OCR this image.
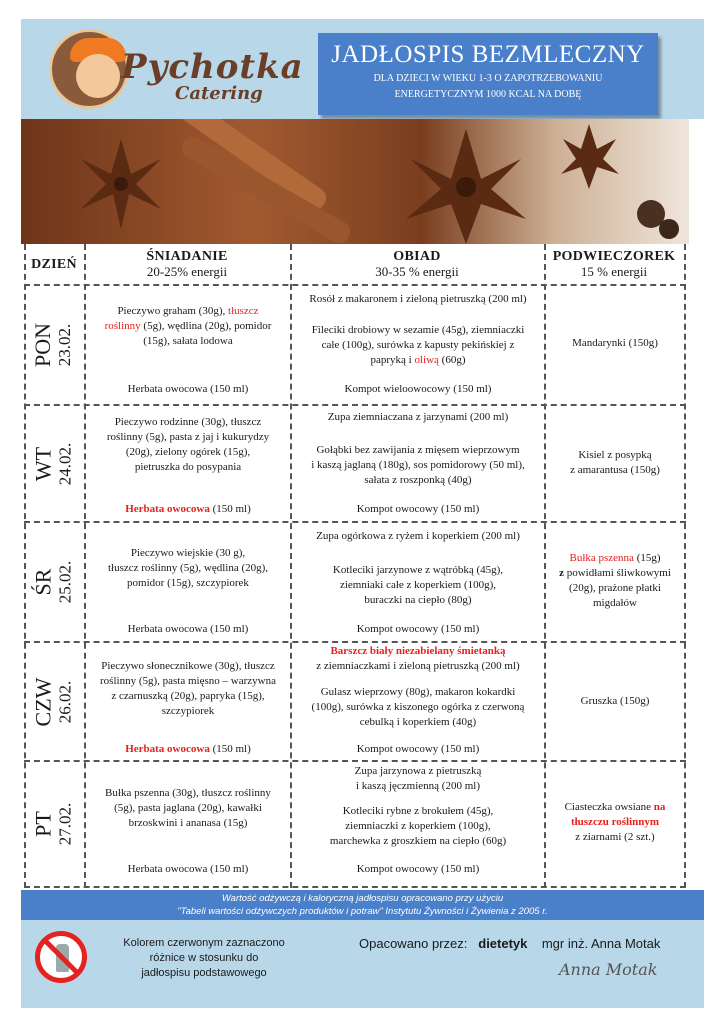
Pychotka
Catering
JADŁOSPIS BEZMLECZNY
DLA DZIECI W WIEKU 1-3 O ZAPOTRZEBOWANIU
ENERGETYCZNYM 1000 KCAL NA DOBĘ
DZIEŃ	ŚNIADANIE
20-25% energii
OBIAD
30-35 % energii
PODWIECZOREK
15 % energii
PON 23.02.
Pieczywo graham (30g), tłuszcz
roślinny (5g), wędlina (20g), pomidor
(15g), sałata lodowa
Herbata owocowa (150 ml)
Rosół z makaronem i zieloną pietruszką (200 ml)
Fileciki drobiowy w sezamie (45g), ziemniaczki
całe (100g), surówka z kapusty pekińskiej z
papryką i oliwą (60g)
Kompot wieloowocowy (150 ml)
Mandarynki (150g)
WT 24.02.
Pieczywo rodzinne (30g), tłuszcz
roślinny (5g), pasta z jaj i kukurydzy
(20g), zielony ogórek (15g),
pietruszka do posypania
Herbata owocowa (150 ml)
Zupa ziemniaczana z jarzynami (200 ml)
Gołąbki bez zawijania z mięsem wieprzowym
i kaszą jaglaną (180g), sos pomidorowy (50 ml),
sałata z roszponką (40g)
Kompot owocowy (150 ml)
Kisiel z posypką
z amarantusa (150g)
ŚR 25.02.
Pieczywo wiejskie (30 g),
tłuszcz roślinny (5g), wędlina (20g),
pomidor (15g), szczypiorek
Herbata owocowa (150 ml)
Zupa ogórkowa z ryżem i koperkiem (200 ml)
Kotleciki jarzynowe z wątróbką (45g),
ziemniaki całe z koperkiem (100g),
buraczki na ciepło (80g)
Kompot owocowy (150 ml)
Bułka pszenna (15g)
z powidłami śliwkowymi
(20g), prażone płatki
migdałów
CZW 26.02.
Pieczywo słonecznikowe (30g), tłuszcz
roślinny (5g), pasta mięsno – warzywna
z czarnuszką (20g), papryka (15g),
szczypiorek
Herbata owocowa (150 ml)
Barszcz biały niezabielany śmietanką
z ziemniaczkami i zieloną pietruszką (200 ml)
Gulasz wieprzowy (80g), makaron kokardki
(100g), surówka z kiszonego ogórka z czerwoną
cebulką i koperkiem (40g)
Kompot owocowy (150 ml)
Gruszka (150g)
PT 27.02.
Bułka pszenna (30g), tłuszcz roślinny
(5g), pasta jaglana (20g), kawałki
brzoskwini i ananasa (15g)
Herbata owocowa (150 ml)
Zupa jarzynowa z pietruszką
i kaszą jęczmienną (200 ml)
Kotleciki rybne z brokułem (45g),
ziemniaczki z koperkiem (100g),
marchewka z groszkiem na ciepło (60g)
Kompot owocowy (150 ml)
Ciasteczka owsiane na
tłuszczu roślinnym
z ziarnami (2 szt.)
Wartość odżywczą i kaloryczną jadłospisu opracowano przy użyciu
"Tabeli wartości odżywczych produktów i potraw" Instytutu Żywności i Żywienia z 2005 r.
Kolorem czerwonym zaznaczono
różnice w stosunku do
jadłospisu podstawowego
Opacowano przez: dietetyk mgr inż. Anna Motak
Anna Motak
